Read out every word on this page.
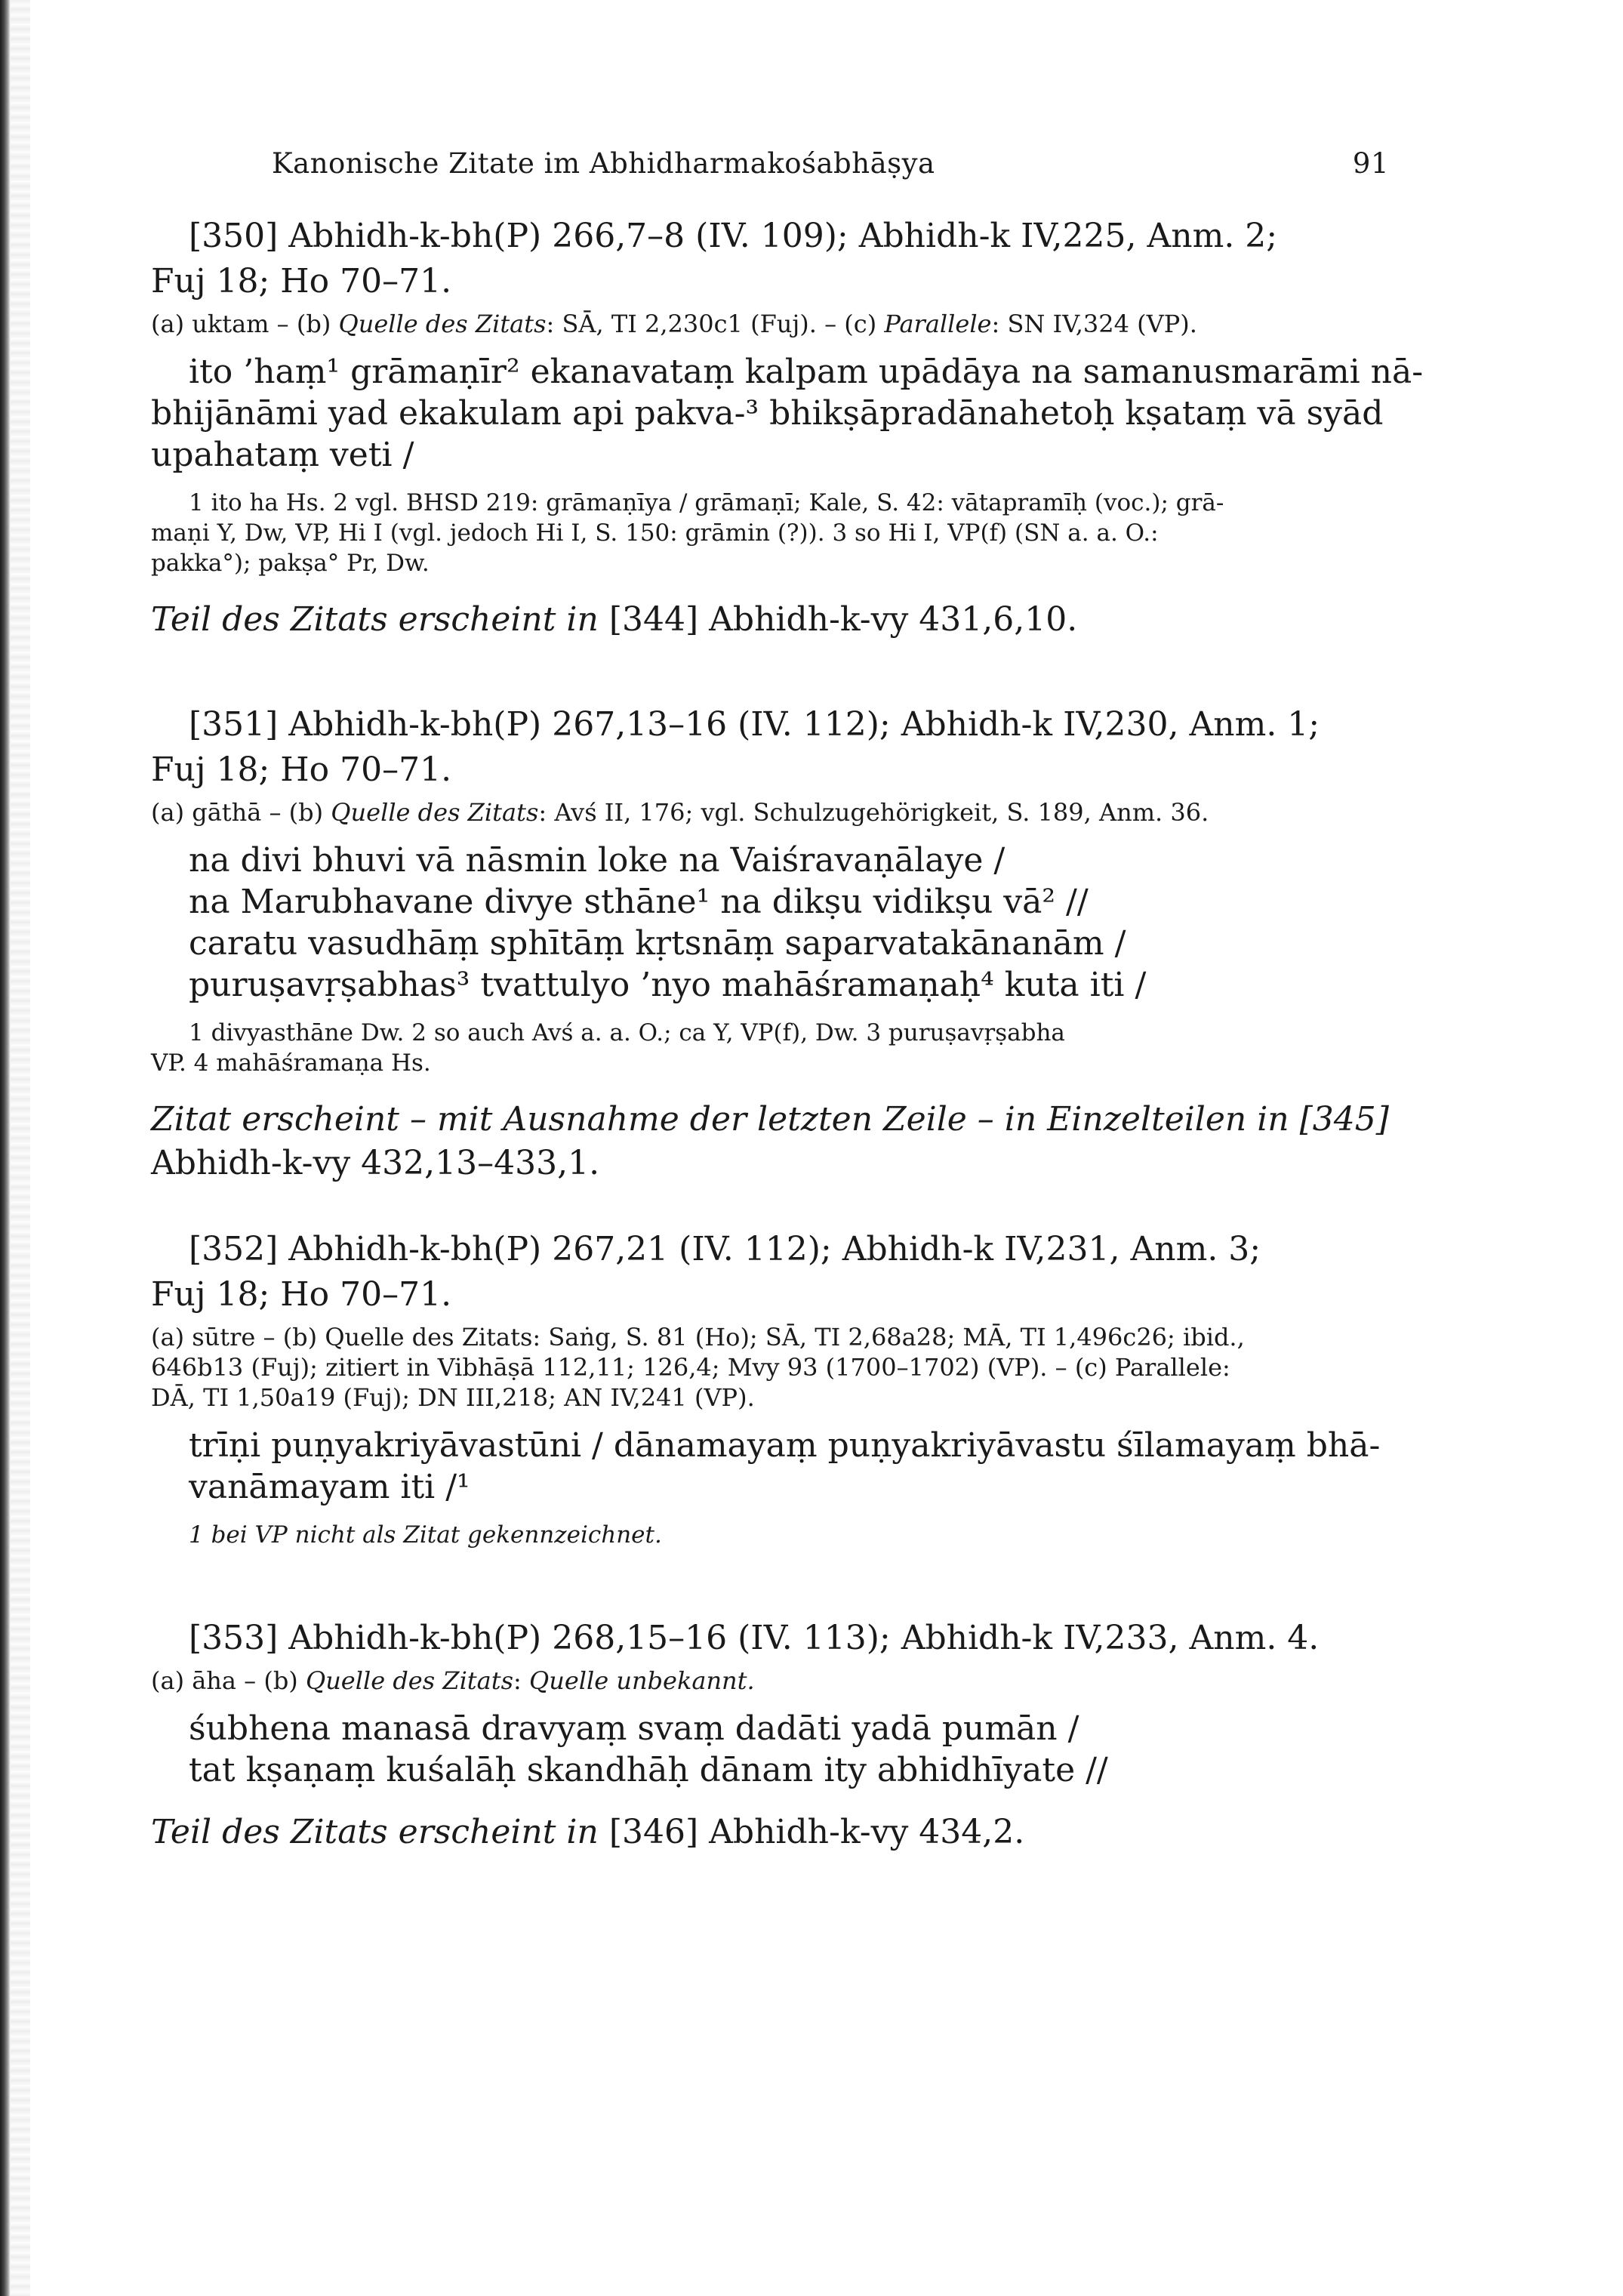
Kanonische Zitate im Abhidharmakośabhāṣya	91

[350] Abhidh-k-bh(P) 266,7–8 (IV. 109); Abhidh-k IV,225, Anm. 2;
Fuj 18; Ho 70–71.

(a) uktam – (b) Quelle des Zitats: SĀ, TI 2,230c1 (Fuj). – (c) Parallele: SN IV,324 (VP).

ito ’haṃ¹ grāmaṇīr² ekanavataṃ kalpam upādāya na samanusmarāmi nā-
bhijānāmi yad ekakulam api pakva-³ bhikṣāpradānahetoḥ kṣataṃ vā syād
upahataṃ veti /
1 ito ha Hs. 2 vgl. BHSD 219: grāmaṇīya / grāmaṇī; Kale, S. 42: vātapramīḥ (voc.); grā-
maṇi Y, Dw, VP, Hi I (vgl. jedoch Hi I, S. 150: grāmin (?)). 3 so Hi I, VP(f) (SN a. a. O.:
pakka°); pakṣa° Pr, Dw.

Teil des Zitats erscheint in [344] Abhidh-k-vy 431,6,10.

[351] Abhidh-k-bh(P) 267,13–16 (IV. 112); Abhidh-k IV,230, Anm. 1;
Fuj 18; Ho 70–71.

(a) gāthā – (b) Quelle des Zitats: Avś II, 176; vgl. Schulzugehörigkeit, S. 189, Anm. 36.

na divi bhuvi vā nāsmin loke na Vaiśravaṇālaye /
na Marubhavane divye sthāne¹ na dikṣu vidikṣu vā² //
caratu vasudhāṃ sphītāṃ kṛtsnāṃ saparvatakānanām /
puruṣavṛṣabhas³ tvattulyo ’nyo mahāśramaṇaḥ⁴ kuta iti /
1 divyasthāne Dw. 2 so auch Avś a. a. O.; ca Y, VP(f), Dw. 3 puruṣavṛṣabha
VP. 4 mahāśramaṇa Hs.

Zitat erscheint – mit Ausnahme der letzten Zeile – in Einzelteilen in [345]
Abhidh-k-vy 432,13–433,1.

[352] Abhidh-k-bh(P) 267,21 (IV. 112); Abhidh-k IV,231, Anm. 3;
Fuj 18; Ho 70–71.

(a) sūtre – (b) Quelle des Zitats: Saṅg, S. 81 (Ho); SĀ, TI 2,68a28; MĀ, TI 1,496c26; ibid.,
646b13 (Fuj); zitiert in Vibhāṣā 112,11; 126,4; Mvy 93 (1700–1702) (VP). – (c) Parallele:
DĀ, TI 1,50a19 (Fuj); DN III,218; AN IV,241 (VP).
trīṇi puṇyakriyāvastūni / dānamayaṃ puṇyakriyāvastu śīlamayaṃ bhā-
vanāmayam iti /¹
1 bei VP nicht als Zitat gekennzeichnet.

[353] Abhidh-k-bh(P) 268,15–16 (IV. 113); Abhidh-k IV,233, Anm. 4.

(a) āha – (b) Quelle des Zitats: Quelle unbekannt.

śubhena manasā dravyaṃ svaṃ dadāti yadā pumān /
tat kṣaṇaṃ kuśalāḥ skandhāḥ dānam ity abhidhīyate //

Teil des Zitats erscheint in [346] Abhidh-k-vy 434,2.
